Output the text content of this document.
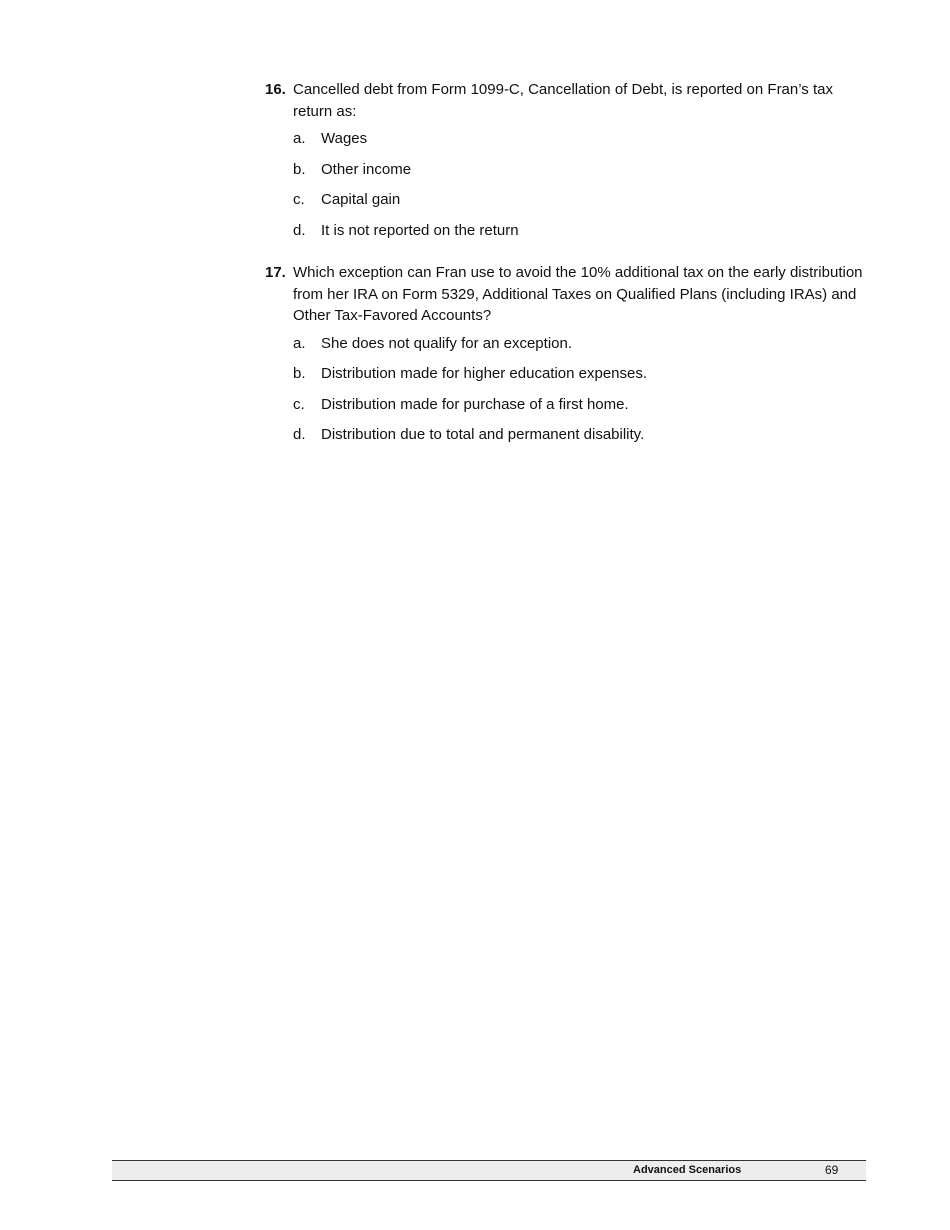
16. Cancelled debt from Form 1099-C, Cancellation of Debt, is reported on Fran’s tax return as:
a.	Wages
b.	Other income
c.	Capital gain
d.	It is not reported on the return
17. Which exception can Fran use to avoid the 10% additional tax on the early distribution from her IRA on Form 5329, Additional Taxes on Qualified Plans (including IRAs) and Other Tax-Favored Accounts?
a.	She does not qualify for an exception.
b.	Distribution made for higher education expenses.
c.	Distribution made for purchase of a first home.
d.	Distribution due to total and permanent disability.
Advanced Scenarios	69
